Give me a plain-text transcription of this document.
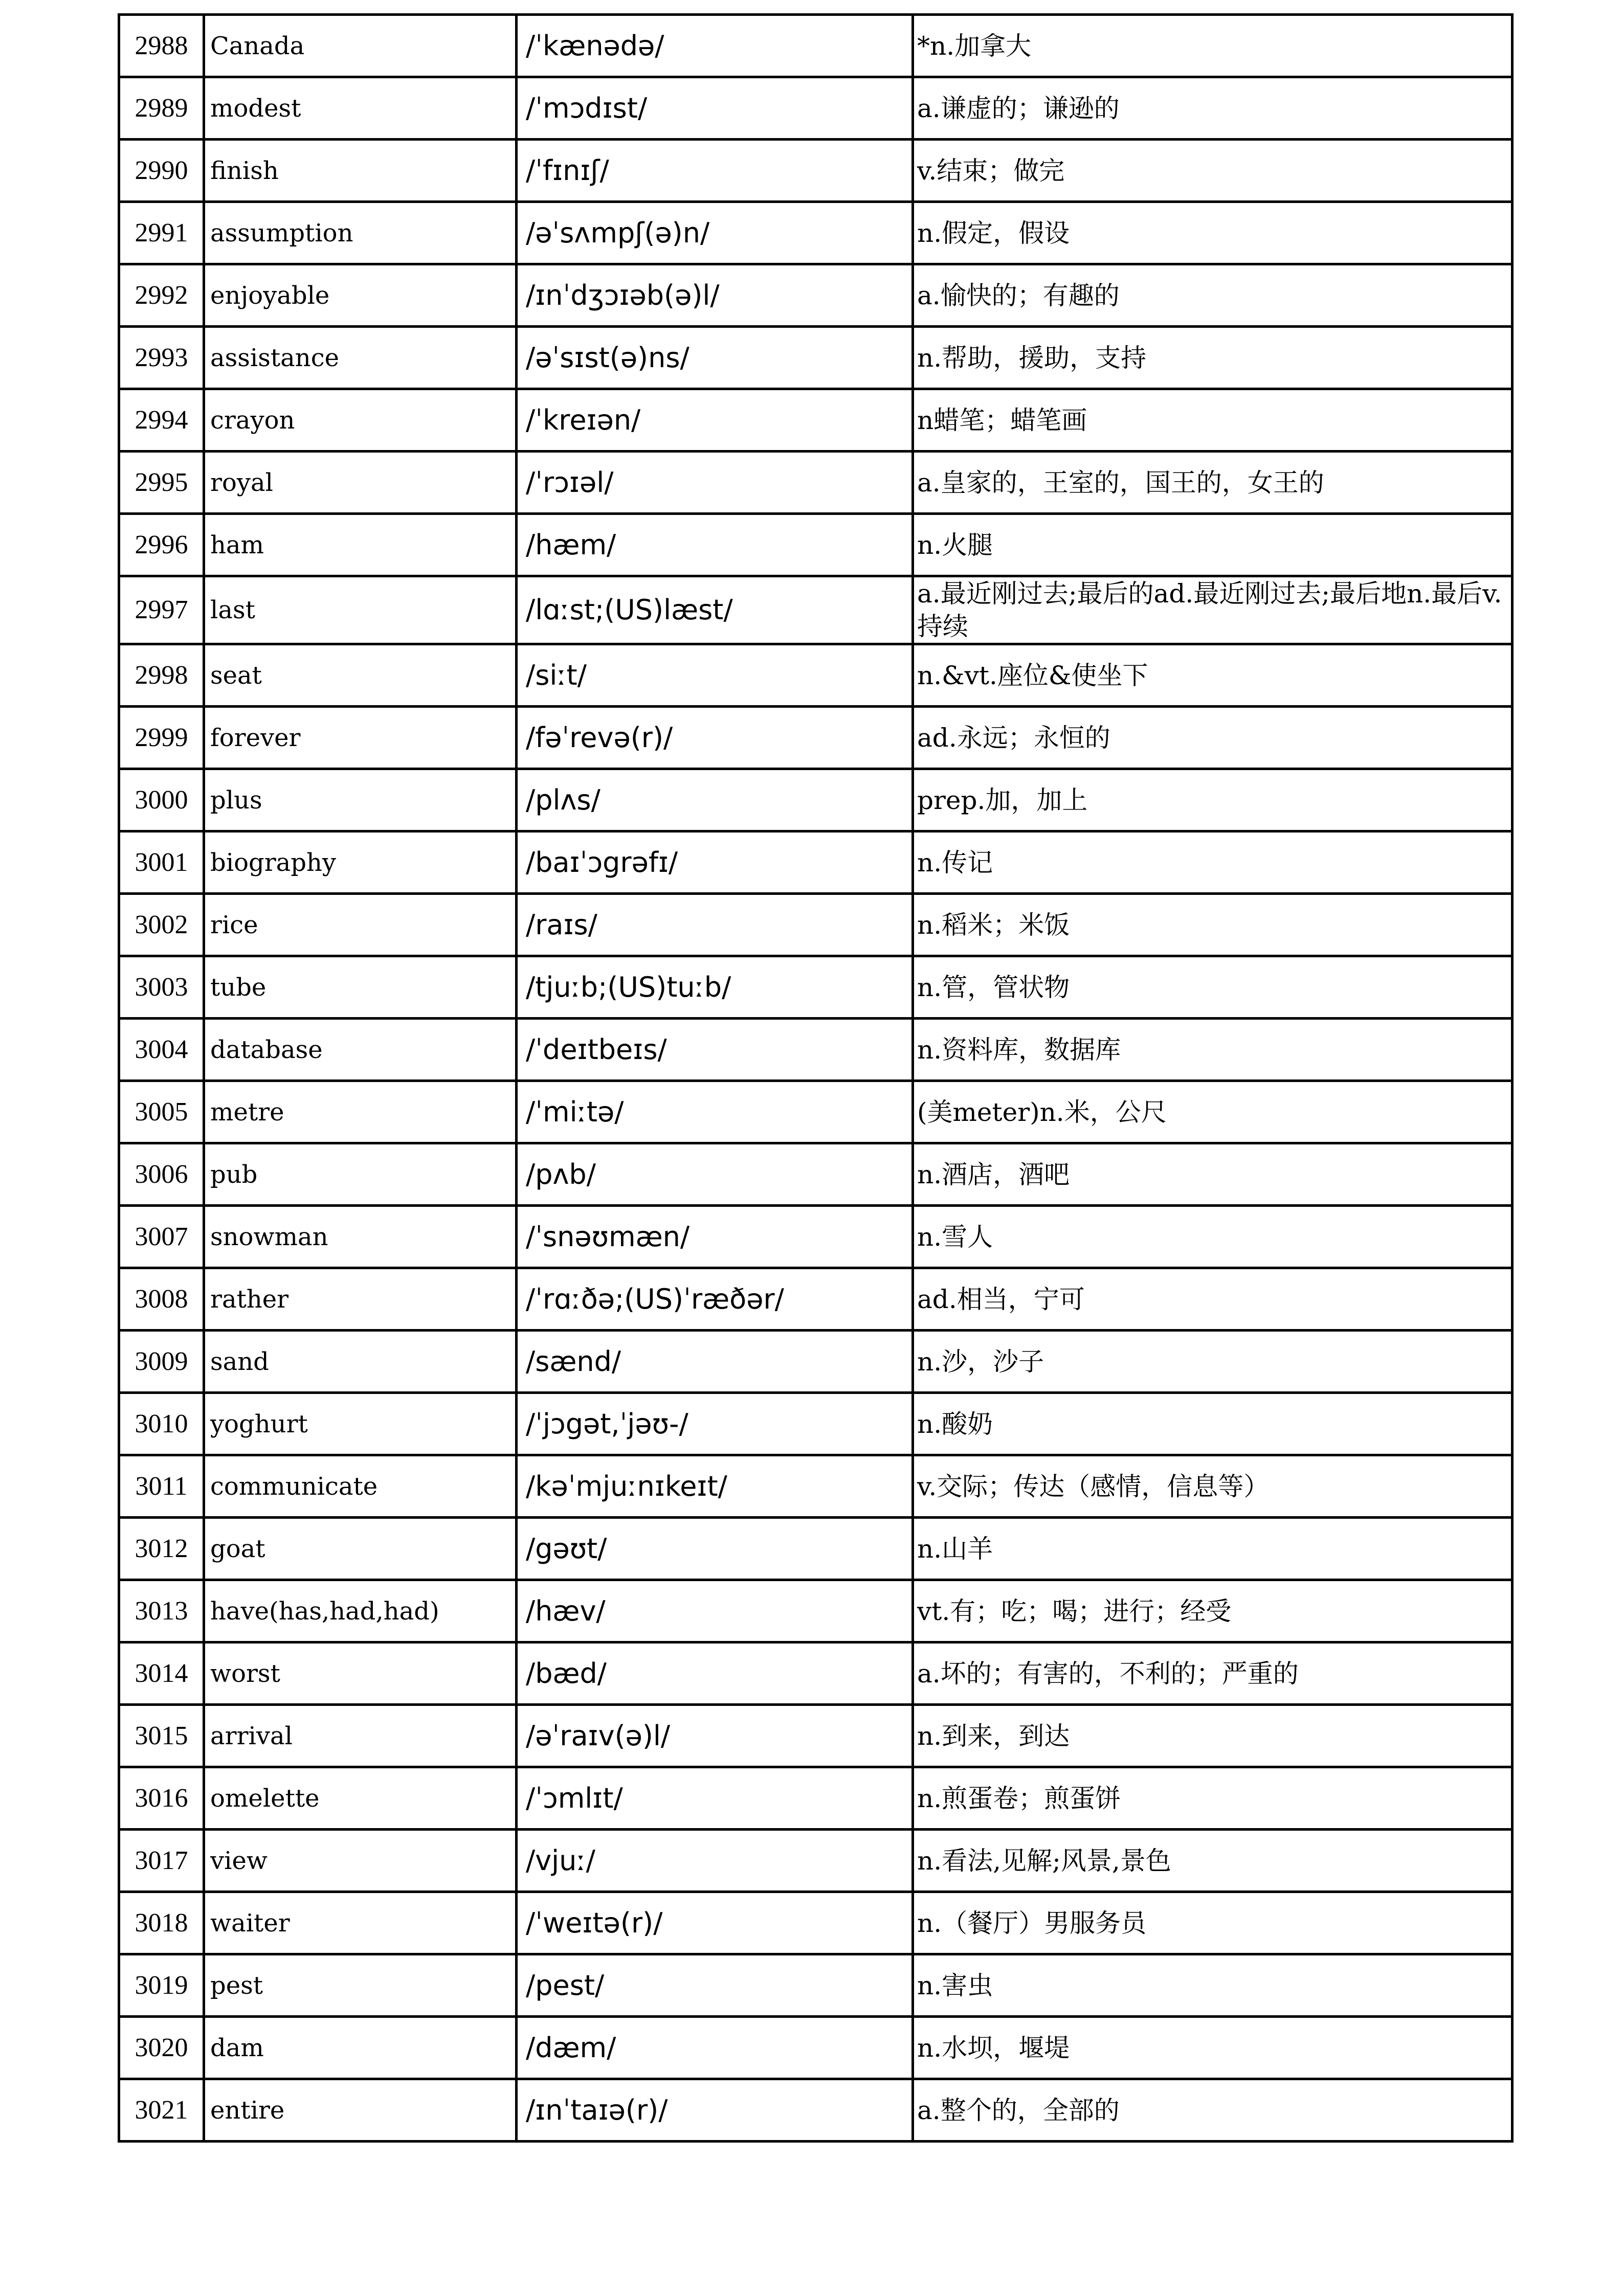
2988	Canada	/ˈkænədə/	*n.加拿大
2989	modest	/ˈmɔdɪst/	a.谦虚的；谦逊的
2990	finish	/ˈfɪnɪʃ/	v.结束；做完
2991	assumption	/əˈsʌmpʃ(ə)n/	n.假定，假设
2992	enjoyable	/ɪnˈdʒɔɪəb(ə)l/	a.愉快的；有趣的
2993	assistance	/əˈsɪst(ə)ns/	n.帮助，援助，支持
2994	crayon	/ˈkreɪən/	n蜡笔；蜡笔画
2995	royal	/ˈrɔɪəl/	a.皇家的，王室的，国王的，女王的
2996	ham	/hæm/	n.火腿
2997	last	/lɑːst;(US)læst/	a.最近刚过去;最后的ad.最近刚过去;最后地n.最后v.持续
2998	seat	/siːt/	n.&vt.座位&使坐下
2999	forever	/fəˈrevə(r)/	ad.永远；永恒的
3000	plus	/plʌs/	prep.加，加上
3001	biography	/baɪˈɔgrəfɪ/	n.传记
3002	rice	/raɪs/	n.稻米；米饭
3003	tube	/tjuːb;(US)tuːb/	n.管，管状物
3004	database	/ˈdeɪtbeɪs/	n.资料库，数据库
3005	metre	/ˈmiːtə/	(美meter)n.米，公尺
3006	pub	/pʌb/	n.酒店，酒吧
3007	snowman	/ˈsnəʊmæn/	n.雪人
3008	rather	/ˈrɑːðə;(US)ˈræðər/	ad.相当，宁可
3009	sand	/sænd/	n.沙，沙子
3010	yoghurt	/ˈjɔgət,ˈjəʊ-/	n.酸奶
3011	communicate	/kəˈmjuːnɪkeɪt/	v.交际；传达（感情，信息等）
3012	goat	/gəʊt/	n.山羊
3013	have(has,had,had)	/hæv/	vt.有；吃；喝；进行；经受
3014	worst	/bæd/	a.坏的；有害的，不利的；严重的
3015	arrival	/əˈraɪv(ə)l/	n.到来，到达
3016	omelette	/ˈɔmlɪt/	n.煎蛋卷；煎蛋饼
3017	view	/vjuː/	n.看法,见解;风景,景色
3018	waiter	/ˈweɪtə(r)/	n.（餐厅）男服务员
3019	pest	/pest/	n.害虫
3020	dam	/dæm/	n.水坝，堰堤
3021	entire	/ɪnˈtaɪə(r)/	a.整个的，全部的
